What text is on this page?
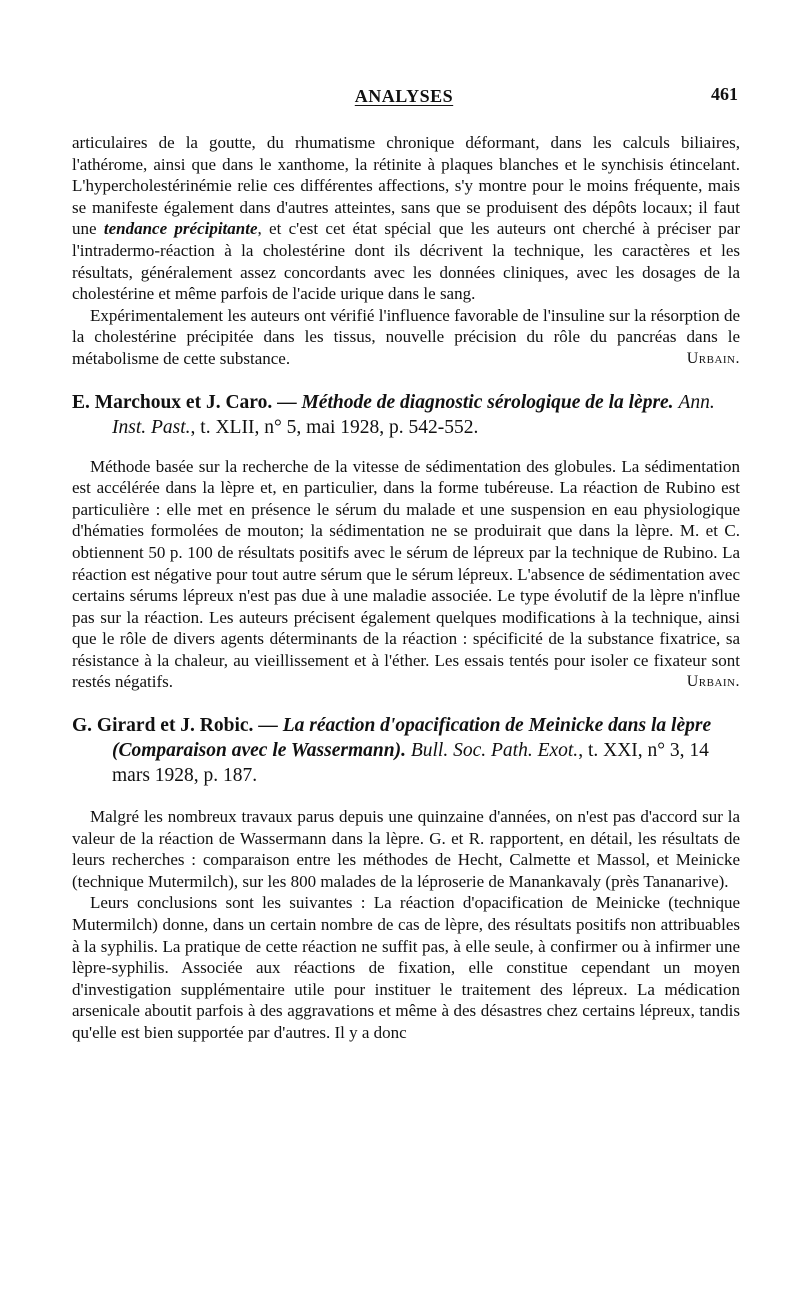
ANALYSES	461

articulaires de la goutte, du rhumatisme chronique déformant, dans les calculs biliaires, l'athérome, ainsi que dans le xanthome, la rétinite à plaques blanches et le synchisis étincelant. L'hypercholestérinémie relie ces différentes affections, s'y montre pour le moins fréquente, mais se manifeste également dans d'autres atteintes, sans que se produisent des dépôts locaux; il faut une tendance précipitante, et c'est cet état spécial que les auteurs ont cherché à préciser par l'intradermo-réaction à la cholestérine dont ils décrivent la technique, les caractères et les résultats, généralement assez concordants avec les données cliniques, avec les dosages de la cholestérine et même parfois de l'acide urique dans le sang.

Expérimentalement les auteurs ont vérifié l'influence favorable de l'insuline sur la résorption de la cholestérine précipitée dans les tissus, nouvelle précision du rôle du pancréas dans le métabolisme de cette substance.	Urbain.

E. Marchoux et J. Caro. — Méthode de diagnostic sérologique de la lèpre. Ann. Inst. Past., t. XLII, n° 5, mai 1928, p. 542-552.

Méthode basée sur la recherche de la vitesse de sédimentation des globules. La sédimentation est accélérée dans la lèpre et, en particulier, dans la forme tubéreuse. La réaction de Rubino est particulière : elle met en présence le sérum du malade et une suspension en eau physiologique d'hématies formolées de mouton; la sédimentation ne se produirait que dans la lèpre. M. et C. obtiennent 50 p. 100 de résultats positifs avec le sérum de lépreux par la technique de Rubino. La réaction est négative pour tout autre sérum que le sérum lépreux. L'absence de sédimentation avec certains sérums lépreux n'est pas due à une maladie associée. Le type évolutif de la lèpre n'influe pas sur la réaction. Les auteurs précisent également quelques modifications à la technique, ainsi que le rôle de divers agents déterminants de la réaction : spécificité de la substance fixatrice, sa résistance à la chaleur, au vieillissement et à l'éther. Les essais tentés pour isoler ce fixateur sont restés négatifs.	Urbain.

G. Girard et J. Robic. — La réaction d'opacification de Meinicke dans la lèpre (Comparaison avec le Wassermann). Bull. Soc. Path. Exot., t. XXI, n° 3, 14 mars 1928, p. 187.

Malgré les nombreux travaux parus depuis une quinzaine d'années, on n'est pas d'accord sur la valeur de la réaction de Wassermann dans la lèpre. G. et R. rapportent, en détail, les résultats de leurs recherches : comparaison entre les méthodes de Hecht, Calmette et Massol, et Meinicke (technique Mutermilch), sur les 800 malades de la léproserie de Manankavaly (près Tananarive).

Leurs conclusions sont les suivantes : La réaction d'opacification de Meinicke (technique Mutermilch) donne, dans un certain nombre de cas de lèpre, des résultats positifs non attribuables à la syphilis. La pratique de cette réaction ne suffit pas, à elle seule, à confirmer ou à infirmer une lèpre-syphilis. Associée aux réactions de fixation, elle constitue cependant un moyen d'investigation supplémentaire utile pour instituer le traitement des lépreux. La médication arsenicale aboutit parfois à des aggravations et même à des désastres chez certains lépreux, tandis qu'elle est bien supportée par d'autres. Il y a donc
